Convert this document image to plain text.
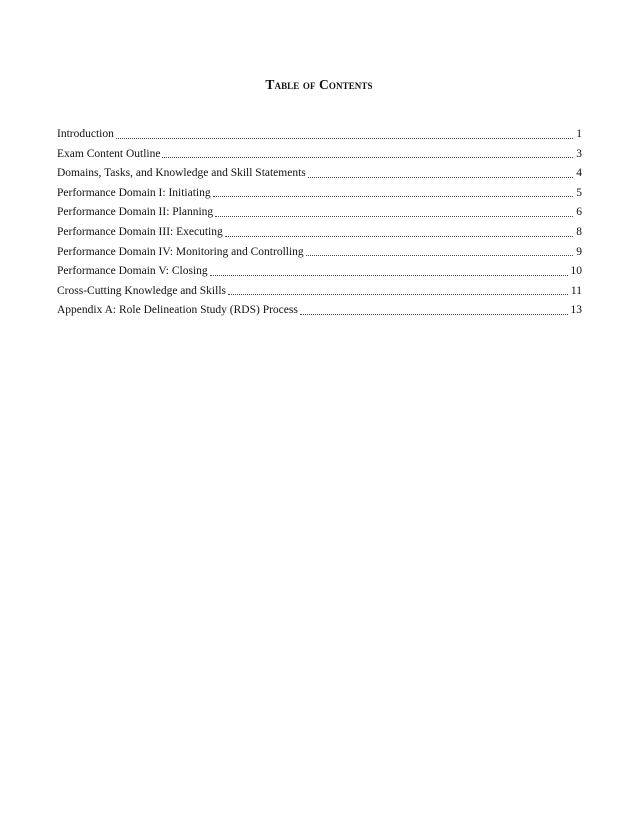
Table of Contents
Introduction	1
Exam Content Outline	3
Domains, Tasks, and Knowledge and Skill Statements	4
Performance Domain I: Initiating	5
Performance Domain II: Planning	6
Performance Domain III: Executing	8
Performance Domain IV: Monitoring and Controlling	9
Performance Domain V: Closing	10
Cross-Cutting Knowledge and Skills	11
Appendix A: Role Delineation Study (RDS) Process	13
